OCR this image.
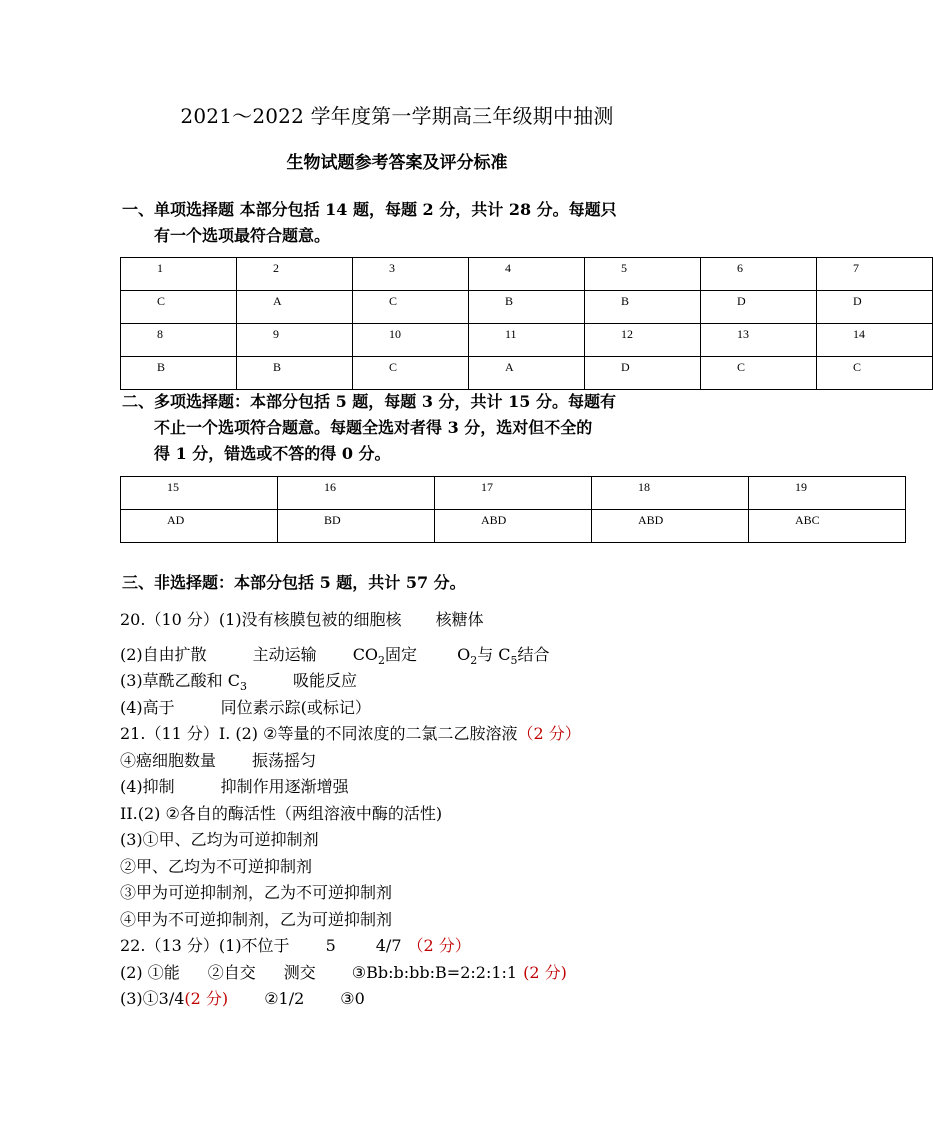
2021～2022 学年度第一学期高三年级期中抽测
生物试题参考答案及评分标准
一、单项选择题 本部分包括 14 题，每题 2 分，共计 28 分。每题只
有一个选项最符合题意。
1	2	3	4	5	6	7
C	A	C	B	B	D	D
8	9	10	11	12	13	14
B	B	C	A	D	C	C
二、多项选择题：本部分包括 5 题，每题 3 分，共计 15 分。每题有
不止一个选项符合题意。每题全选对者得 3 分，选对但不全的
得 1 分，错选或不答的得 0 分。
15	16	17	18	19
AD	BD	ABD	ABD	ABC
三、非选择题：本部分包括 5 题，共计 57 分。
20.（10 分）(1)没有核膜包被的细胞核 核糖体
(2)自由扩散	主动运输 $CO_2$固定	$O_2$与 $C_5$结合
(3)草酰乙酸和 $C_3$	吸能反应
(4)高于	同位素示踪(或标记）
21.（11 分）I. (2) ②等量的不同浓度的二氯二乙胺溶液（2 分）
④癌细胞数量 振荡摇匀
(4)抑制	抑制作用逐渐增强
II.(2) ②各自的酶活性（两组溶液中酶的活性)
(3)①甲、乙均为可逆抑制剂
②甲、乙均为不可逆抑制剂
③甲为可逆抑制剂，乙为不可逆抑制剂
④甲为不可逆抑制剂，乙为可逆抑制剂
22.（13 分）(1)不位于 5	4/7 （2 分）
(2) ①能 ②自交 测交 ③Bb:b:bb:B=2:2:1:1 (2 分)
(3)①3/4(2 分) ②1/2 ③0
